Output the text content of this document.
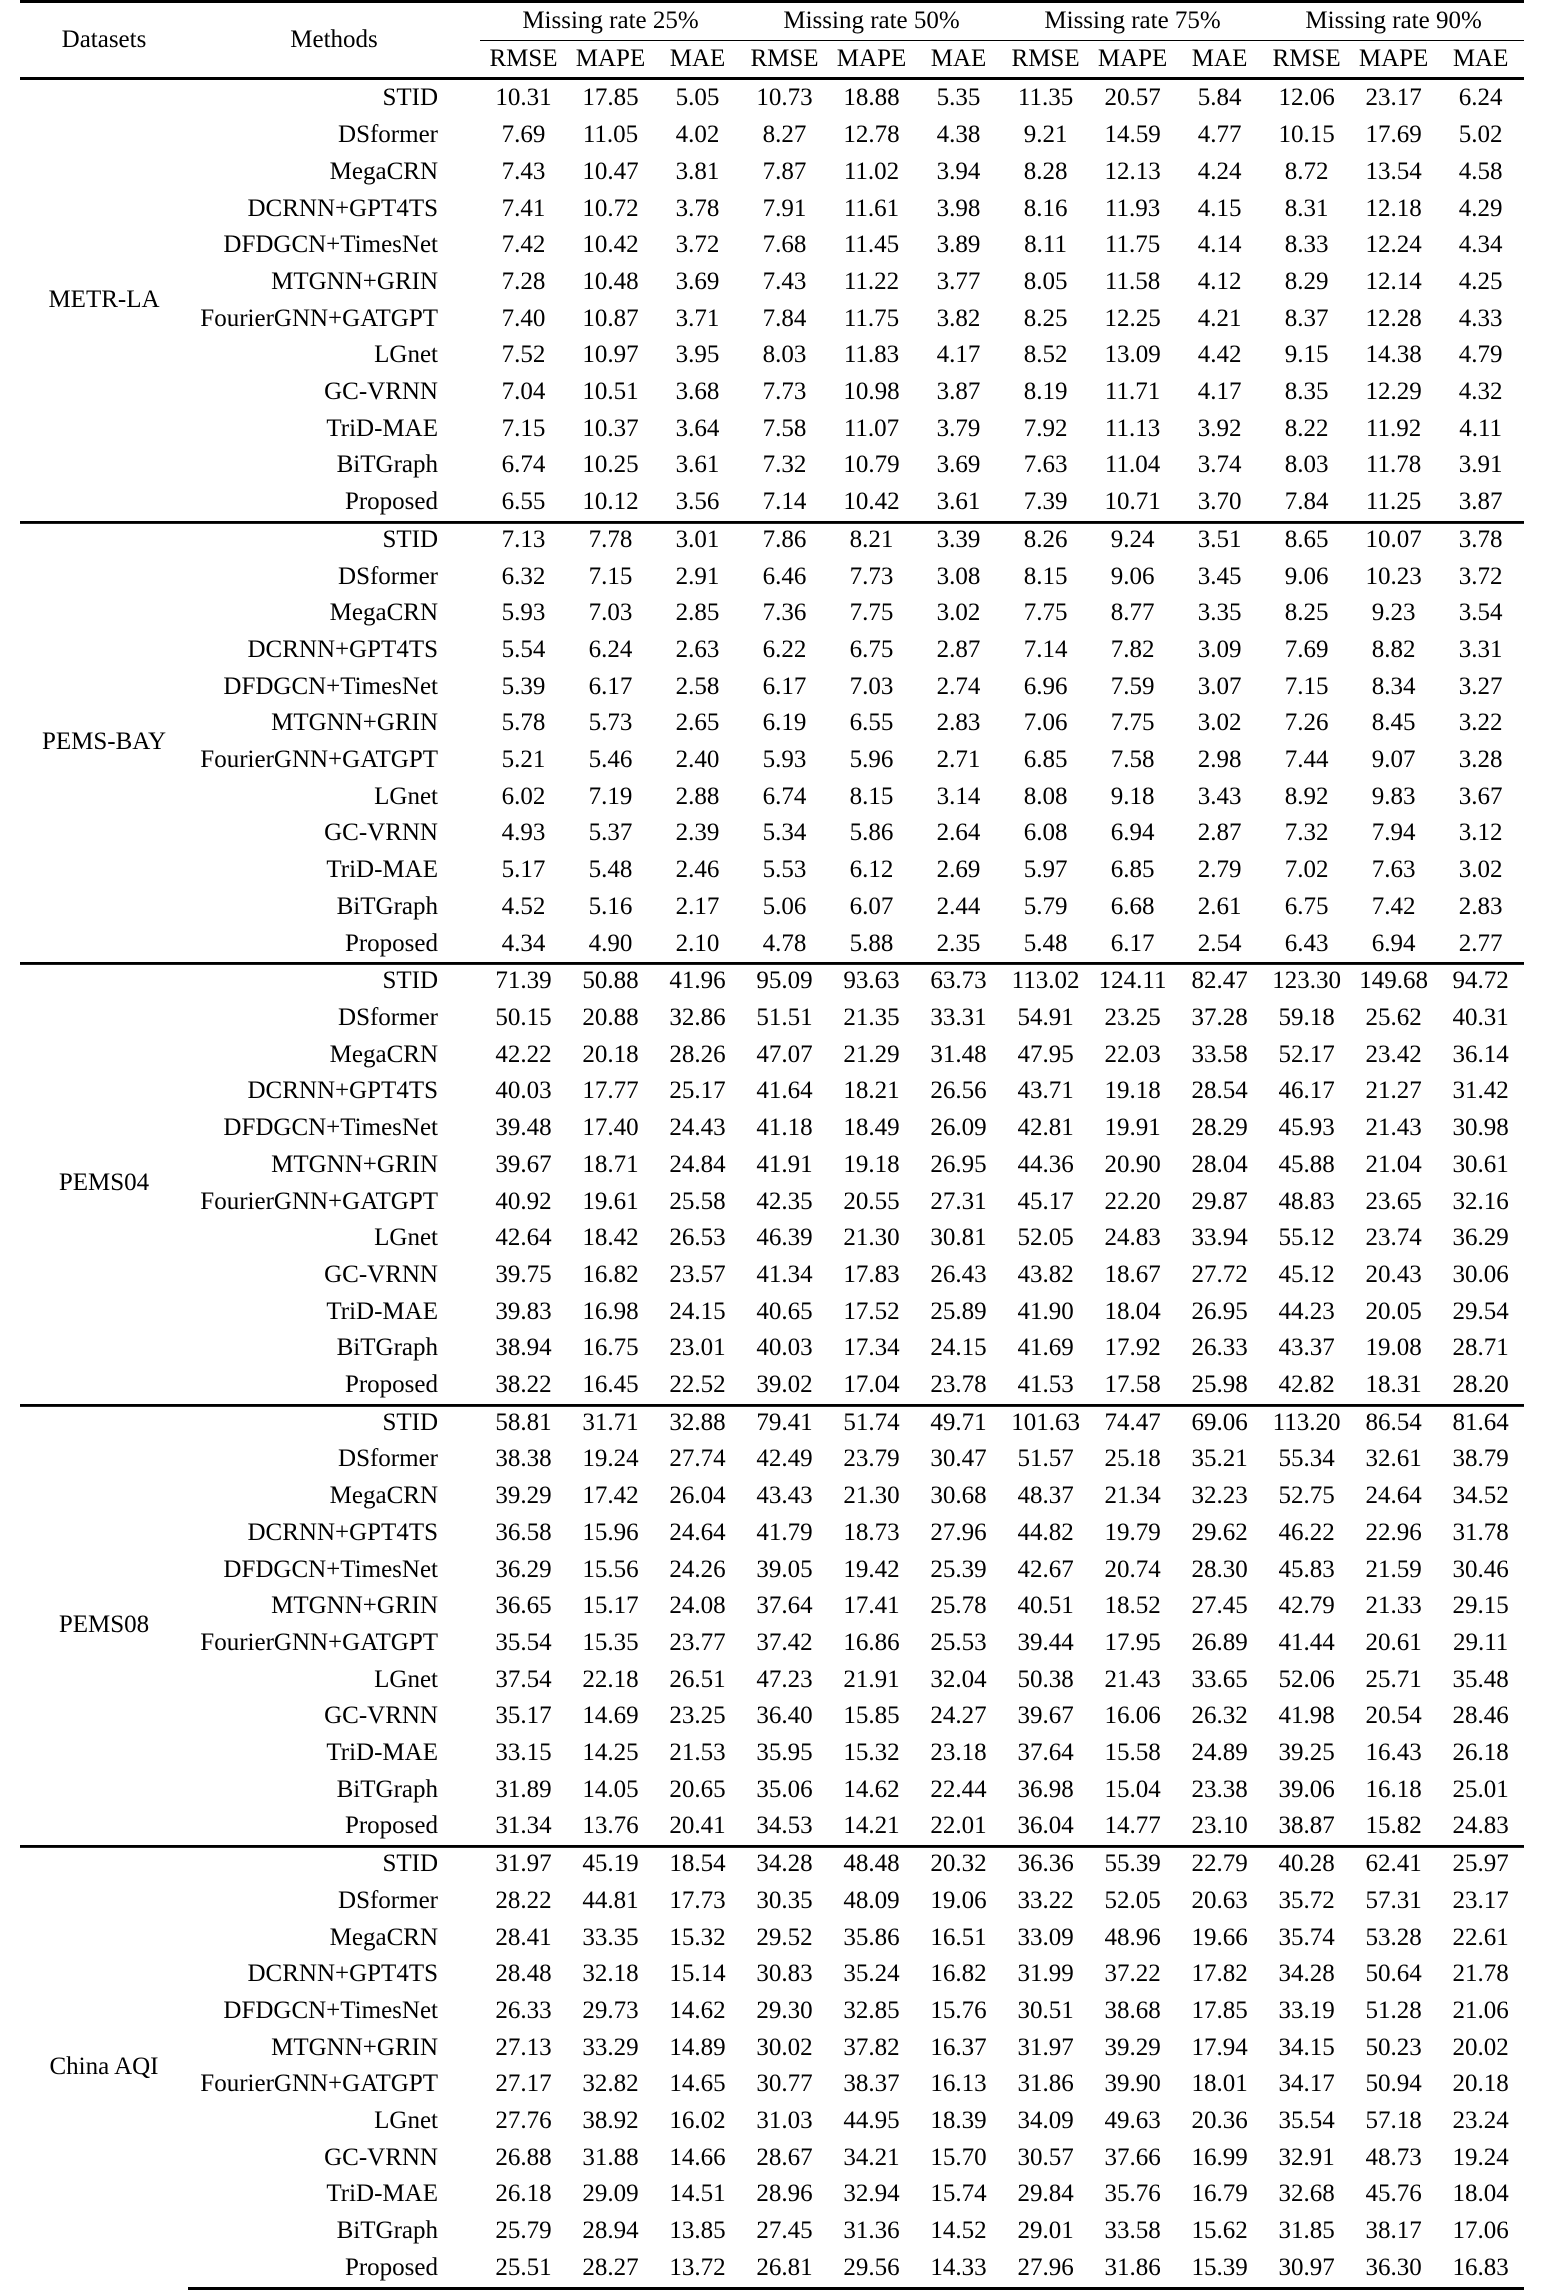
Datasets	Methods	Missing rate 25%			Missing rate 50%			Missing rate 75%			Missing rate 90%		
		RMSE	MAPE	MAE	RMSE	MAPE	MAE	RMSE	MAPE	MAE	RMSE	MAPE	MAE
METR-LA	STID	10.31	17.85	5.05	10.73	18.88	5.35	11.35	20.57	5.84	12.06	23.17	6.24
	DSformer	7.69	11.05	4.02	8.27	12.78	4.38	9.21	14.59	4.77	10.15	17.69	5.02
	MegaCRN	7.43	10.47	3.81	7.87	11.02	3.94	8.28	12.13	4.24	8.72	13.54	4.58
	DCRNN+GPT4TS	7.41	10.72	3.78	7.91	11.61	3.98	8.16	11.93	4.15	8.31	12.18	4.29
	DFDGCN+TimesNet	7.42	10.42	3.72	7.68	11.45	3.89	8.11	11.75	4.14	8.33	12.24	4.34
	MTGNN+GRIN	7.28	10.48	3.69	7.43	11.22	3.77	8.05	11.58	4.12	8.29	12.14	4.25
	FourierGNN+GATGPT	7.40	10.87	3.71	7.84	11.75	3.82	8.25	12.25	4.21	8.37	12.28	4.33
	LGnet	7.52	10.97	3.95	8.03	11.83	4.17	8.52	13.09	4.42	9.15	14.38	4.79
	GC-VRNN	7.04	10.51	3.68	7.73	10.98	3.87	8.19	11.71	4.17	8.35	12.29	4.32
	TriD-MAE	7.15	10.37	3.64	7.58	11.07	3.79	7.92	11.13	3.92	8.22	11.92	4.11
	BiTGraph	6.74	10.25	3.61	7.32	10.79	3.69	7.63	11.04	3.74	8.03	11.78	3.91
	Proposed	6.55	10.12	3.56	7.14	10.42	3.61	7.39	10.71	3.70	7.84	11.25	3.87
PEMS-BAY	STID	7.13	7.78	3.01	7.86	8.21	3.39	8.26	9.24	3.51	8.65	10.07	3.78
	DSformer	6.32	7.15	2.91	6.46	7.73	3.08	8.15	9.06	3.45	9.06	10.23	3.72
	MegaCRN	5.93	7.03	2.85	7.36	7.75	3.02	7.75	8.77	3.35	8.25	9.23	3.54
	DCRNN+GPT4TS	5.54	6.24	2.63	6.22	6.75	2.87	7.14	7.82	3.09	7.69	8.82	3.31
	DFDGCN+TimesNet	5.39	6.17	2.58	6.17	7.03	2.74	6.96	7.59	3.07	7.15	8.34	3.27
	MTGNN+GRIN	5.78	5.73	2.65	6.19	6.55	2.83	7.06	7.75	3.02	7.26	8.45	3.22
	FourierGNN+GATGPT	5.21	5.46	2.40	5.93	5.96	2.71	6.85	7.58	2.98	7.44	9.07	3.28
	LGnet	6.02	7.19	2.88	6.74	8.15	3.14	8.08	9.18	3.43	8.92	9.83	3.67
	GC-VRNN	4.93	5.37	2.39	5.34	5.86	2.64	6.08	6.94	2.87	7.32	7.94	3.12
	TriD-MAE	5.17	5.48	2.46	5.53	6.12	2.69	5.97	6.85	2.79	7.02	7.63	3.02
	BiTGraph	4.52	5.16	2.17	5.06	6.07	2.44	5.79	6.68	2.61	6.75	7.42	2.83
	Proposed	4.34	4.90	2.10	4.78	5.88	2.35	5.48	6.17	2.54	6.43	6.94	2.77
PEMS04	STID	71.39	50.88	41.96	95.09	93.63	63.73	113.02	124.11	82.47	123.30	149.68	94.72
	DSformer	50.15	20.88	32.86	51.51	21.35	33.31	54.91	23.25	37.28	59.18	25.62	40.31
	MegaCRN	42.22	20.18	28.26	47.07	21.29	31.48	47.95	22.03	33.58	52.17	23.42	36.14
	DCRNN+GPT4TS	40.03	17.77	25.17	41.64	18.21	26.56	43.71	19.18	28.54	46.17	21.27	31.42
	DFDGCN+TimesNet	39.48	17.40	24.43	41.18	18.49	26.09	42.81	19.91	28.29	45.93	21.43	30.98
	MTGNN+GRIN	39.67	18.71	24.84	41.91	19.18	26.95	44.36	20.90	28.04	45.88	21.04	30.61
	FourierGNN+GATGPT	40.92	19.61	25.58	42.35	20.55	27.31	45.17	22.20	29.87	48.83	23.65	32.16
	LGnet	42.64	18.42	26.53	46.39	21.30	30.81	52.05	24.83	33.94	55.12	23.74	36.29
	GC-VRNN	39.75	16.82	23.57	41.34	17.83	26.43	43.82	18.67	27.72	45.12	20.43	30.06
	TriD-MAE	39.83	16.98	24.15	40.65	17.52	25.89	41.90	18.04	26.95	44.23	20.05	29.54
	BiTGraph	38.94	16.75	23.01	40.03	17.34	24.15	41.69	17.92	26.33	43.37	19.08	28.71
	Proposed	38.22	16.45	22.52	39.02	17.04	23.78	41.53	17.58	25.98	42.82	18.31	28.20
PEMS08	STID	58.81	31.71	32.88	79.41	51.74	49.71	101.63	74.47	69.06	113.20	86.54	81.64
	DSformer	38.38	19.24	27.74	42.49	23.79	30.47	51.57	25.18	35.21	55.34	32.61	38.79
	MegaCRN	39.29	17.42	26.04	43.43	21.30	30.68	48.37	21.34	32.23	52.75	24.64	34.52
	DCRNN+GPT4TS	36.58	15.96	24.64	41.79	18.73	27.96	44.82	19.79	29.62	46.22	22.96	31.78
	DFDGCN+TimesNet	36.29	15.56	24.26	39.05	19.42	25.39	42.67	20.74	28.30	45.83	21.59	30.46
	MTGNN+GRIN	36.65	15.17	24.08	37.64	17.41	25.78	40.51	18.52	27.45	42.79	21.33	29.15
	FourierGNN+GATGPT	35.54	15.35	23.77	37.42	16.86	25.53	39.44	17.95	26.89	41.44	20.61	29.11
	LGnet	37.54	22.18	26.51	47.23	21.91	32.04	50.38	21.43	33.65	52.06	25.71	35.48
	GC-VRNN	35.17	14.69	23.25	36.40	15.85	24.27	39.67	16.06	26.32	41.98	20.54	28.46
	TriD-MAE	33.15	14.25	21.53	35.95	15.32	23.18	37.64	15.58	24.89	39.25	16.43	26.18
	BiTGraph	31.89	14.05	20.65	35.06	14.62	22.44	36.98	15.04	23.38	39.06	16.18	25.01
	Proposed	31.34	13.76	20.41	34.53	14.21	22.01	36.04	14.77	23.10	38.87	15.82	24.83
China AQI	STID	31.97	45.19	18.54	34.28	48.48	20.32	36.36	55.39	22.79	40.28	62.41	25.97
	DSformer	28.22	44.81	17.73	30.35	48.09	19.06	33.22	52.05	20.63	35.72	57.31	23.17
	MegaCRN	28.41	33.35	15.32	29.52	35.86	16.51	33.09	48.96	19.66	35.74	53.28	22.61
	DCRNN+GPT4TS	28.48	32.18	15.14	30.83	35.24	16.82	31.99	37.22	17.82	34.28	50.64	21.78
	DFDGCN+TimesNet	26.33	29.73	14.62	29.30	32.85	15.76	30.51	38.68	17.85	33.19	51.28	21.06
	MTGNN+GRIN	27.13	33.29	14.89	30.02	37.82	16.37	31.97	39.29	17.94	34.15	50.23	20.02
	FourierGNN+GATGPT	27.17	32.82	14.65	30.77	38.37	16.13	31.86	39.90	18.01	34.17	50.94	20.18
	LGnet	27.76	38.92	16.02	31.03	44.95	18.39	34.09	49.63	20.36	35.54	57.18	23.24
	GC-VRNN	26.88	31.88	14.66	28.67	34.21	15.70	30.57	37.66	16.99	32.91	48.73	19.24
	TriD-MAE	26.18	29.09	14.51	28.96	32.94	15.74	29.84	35.76	16.79	32.68	45.76	18.04
	BiTGraph	25.79	28.94	13.85	27.45	31.36	14.52	29.01	33.58	15.62	31.85	38.17	17.06
	Proposed	25.51	28.27	13.72	26.81	29.56	14.33	27.96	31.86	15.39	30.97	36.30	16.83
